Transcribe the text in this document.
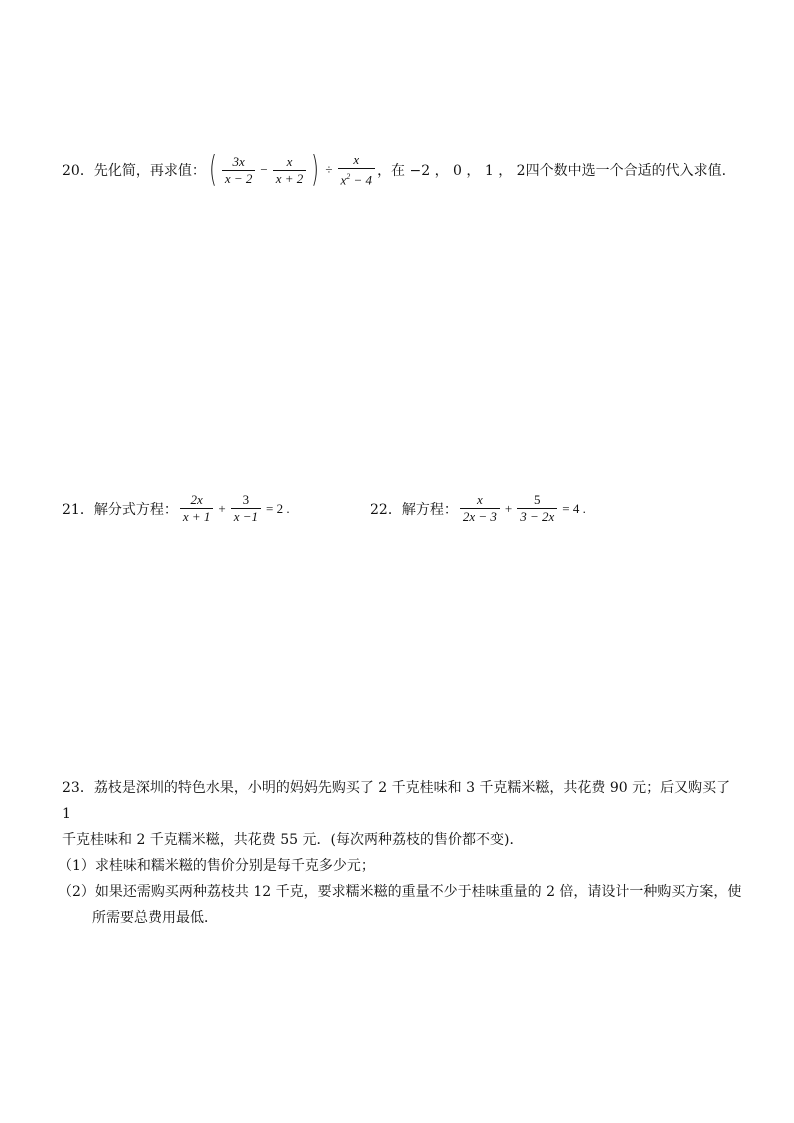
20．先化简，再求值： ( $\frac{3x}{x - 2} - \frac{x}{x + 2}$ ) ÷ $\frac{x}{x^2 - 4}$ ，在 −2 ， 0 ， 1 ， 2四个数中选一个合适的代入求值.
21．解分式方程： $\frac{2x}{x + 1} + \frac{3}{x -1} = 2$ .	22．解方程： $\frac{x}{2x - 3} + \frac{5}{3 - 2x} = 4$ .
23．荔枝是深圳的特色水果，小明的妈妈先购买了 2 千克桂味和 3 千克糯米糍，共花费 90 元；后又购买了 1
千克桂味和 2 千克糯米糍，共花费 55 元．(每次两种荔枝的售价都不变)．
（1）求桂味和糯米糍的售价分别是每千克多少元；
（2）如果还需购买两种荔枝共 12 千克，要求糯米糍的重量不少于桂味重量的 2 倍，请设计一种购买方案，使
所需要总费用最低．
